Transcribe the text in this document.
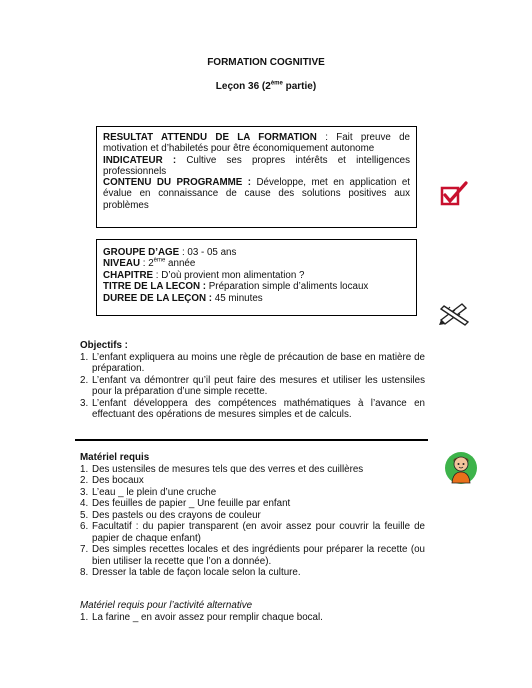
FORMATION COGNITIVE
Leçon 36 (2ème partie)

RESULTAT ATTENDU DE LA FORMATION : Fait preuve de motivation et d’habiletés pour être économiquement autonome

INDICATEUR : Cultive ses propres intérêts et intelligences professionnels

CONTENU DU PROGRAMME : Développe, met en application et évalue en connaissance de cause des solutions positives aux problèmes

GROUPE D’AGE : 03 - 05 ans

NIVEAU : 2ème année

CHAPITRE : D’où provient mon alimentation ?

TITRE DE LA LECON : Préparation simple d’aliments locaux

DUREE DE LA LEÇON : 45 minutes

Objectifs :

1. L’enfant expliquera au moins une règle de précaution de base en matière de préparation.
2. L’enfant va démontrer qu’il peut faire des mesures et utiliser les ustensiles pour la préparation d’une simple recette.
3. L’enfant développera des compétences mathématiques à l’avance en effectuant des opérations de mesures simples et de calculs.

Matériel requis

1. Des ustensiles de mesures tels que des verres et des cuillères
2. Des bocaux
3. L’eau _ le plein d’une cruche
4. Des feuilles de papier _ Une feuille par enfant
5. Des pastels ou des crayons de couleur
6. Facultatif : du papier transparent (en avoir assez pour couvrir la feuille de papier de chaque enfant)
7. Des simples recettes locales et des ingrédients pour préparer la recette (ou bien utiliser la recette que l’on a donnée).
8. Dresser la table de façon locale selon la culture.

Matériel requis pour l’activité alternative

1. La farine _ en avoir assez pour remplir chaque bocal.
